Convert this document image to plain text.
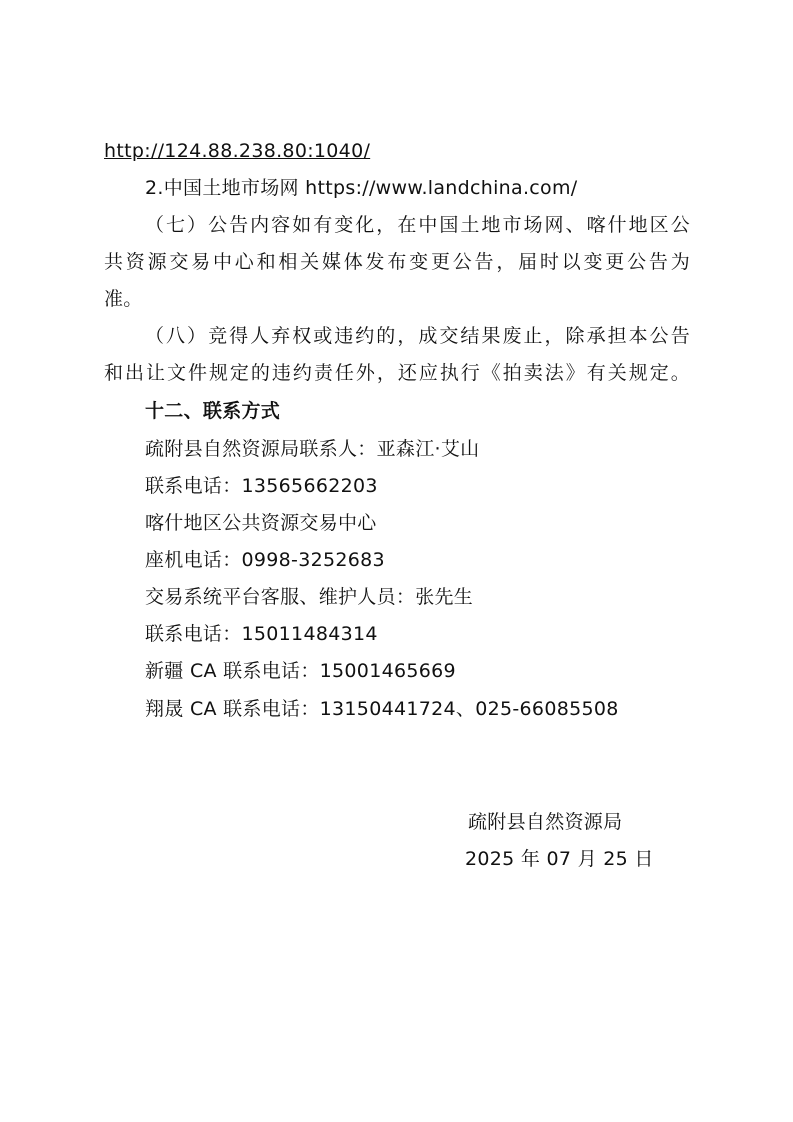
http://124.88.238.80:1040/
2.中国土地市场网 https://www.landchina.com/
（七）公告内容如有变化，在中国土地市场网、喀什地区公
共资源交易中心和相关媒体发布变更公告，届时以变更公告为
准。
（八）竞得人弃权或违约的，成交结果废止，除承担本公告
和出让文件规定的违约责任外，还应执行《拍卖法》有关规定。
十二、联系方式
疏附县自然资源局联系人：亚森江·艾山
联系电话：13565662203
喀什地区公共资源交易中心
座机电话：0998-3252683
交易系统平台客服、维护人员：张先生
联系电话：15011484314
新疆 CA 联系电话：15001465669
翔晟 CA 联系电话：13150441724、025-66085508
疏附县自然资源局
2025 年 07 月 25 日
